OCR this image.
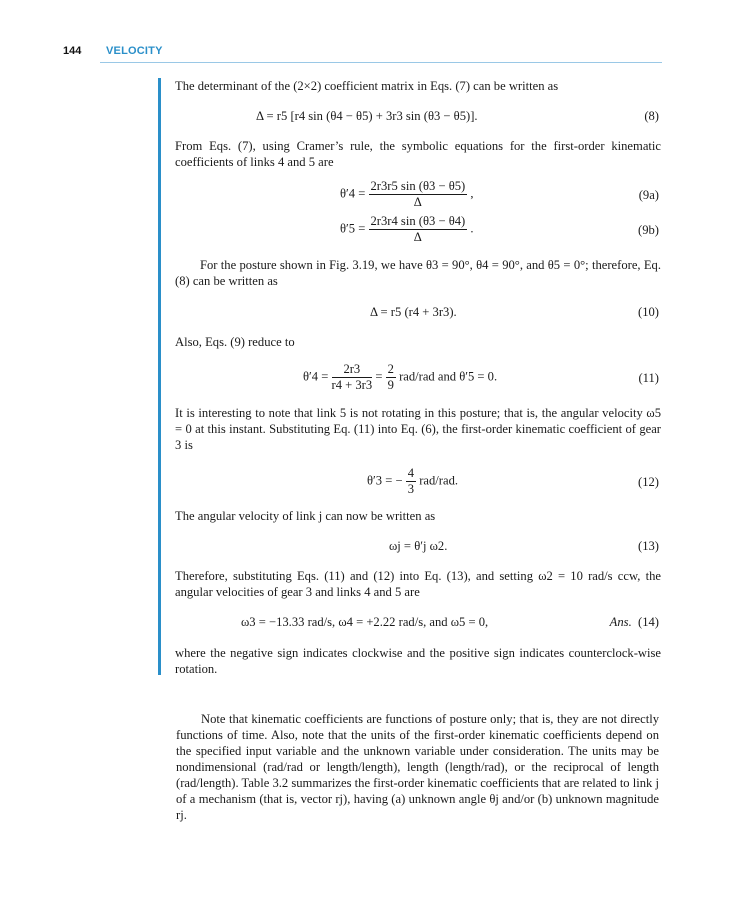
144 VELOCITY
The determinant of the (2×2) coefficient matrix in Eqs. (7) can be written as
Δ = r5 [r4 sin (θ4 − θ5) + 3r3 sin (θ3 − θ5)].	(8)
From Eqs. (7), using Cramer’s rule, the symbolic equations for the first-order kinematic coefficients of links 4 and 5 are
$\theta'4 = \frac{2r3r5 \sin (\theta 3 - \theta 5)}{\Delta}$ ,	(9a)
$\theta'5 = \frac{2r3r4 \sin (\theta 3 - \theta 4)}{\Delta}$ .	(9b)
For the posture shown in Fig. 3.19, we have θ3 = 90°, θ4 = 90°, and θ5 = 0°; therefore, Eq. (8) can be written as
Δ = r5 (r4 + 3r3).	(10)
Also, Eqs. (9) reduce to
$\theta'4 = \frac{2r3}{r4 + 3r3} = \frac{2}{9} rad/rad$ and θ′5 = 0.	(11)
It is interesting to note that link 5 is not rotating in this posture; that is, the angular velocity ω5 = 0 at this instant. Substituting Eq. (11) into Eq. (6), the first-order kinematic coefficient of gear 3 is
θ′3 = − $\frac{4}{3} rad/rad$.	(12)
The angular velocity of link j can now be written as
ωj = θ′j ω2.	(13)
Therefore, substituting Eqs. (11) and (12) into Eq. (13), and setting ω2 = 10 rad/s ccw, the angular velocities of gear 3 and links 4 and 5 are
ω3 = −13.33 rad/s, ω4 = +2.22 rad/s, and ω5 = 0,	Ans. (14)
where the negative sign indicates clockwise and the positive sign indicates counterclock-wise rotation.
Note that kinematic coefficients are functions of posture only; that is, they are not directly functions of time. Also, note that the units of the first-order kinematic coefficients depend on the specified input variable and the unknown variable under consideration. The units may be nondimensional (rad/rad or length/length), length (length/rad), or the reciprocal of length (rad/length). Table 3.2 summarizes the first-order kinematic coefficients that are related to link j of a mechanism (that is, vector rj), having (a) unknown angle θj and/or (b) unknown magnitude rj.
